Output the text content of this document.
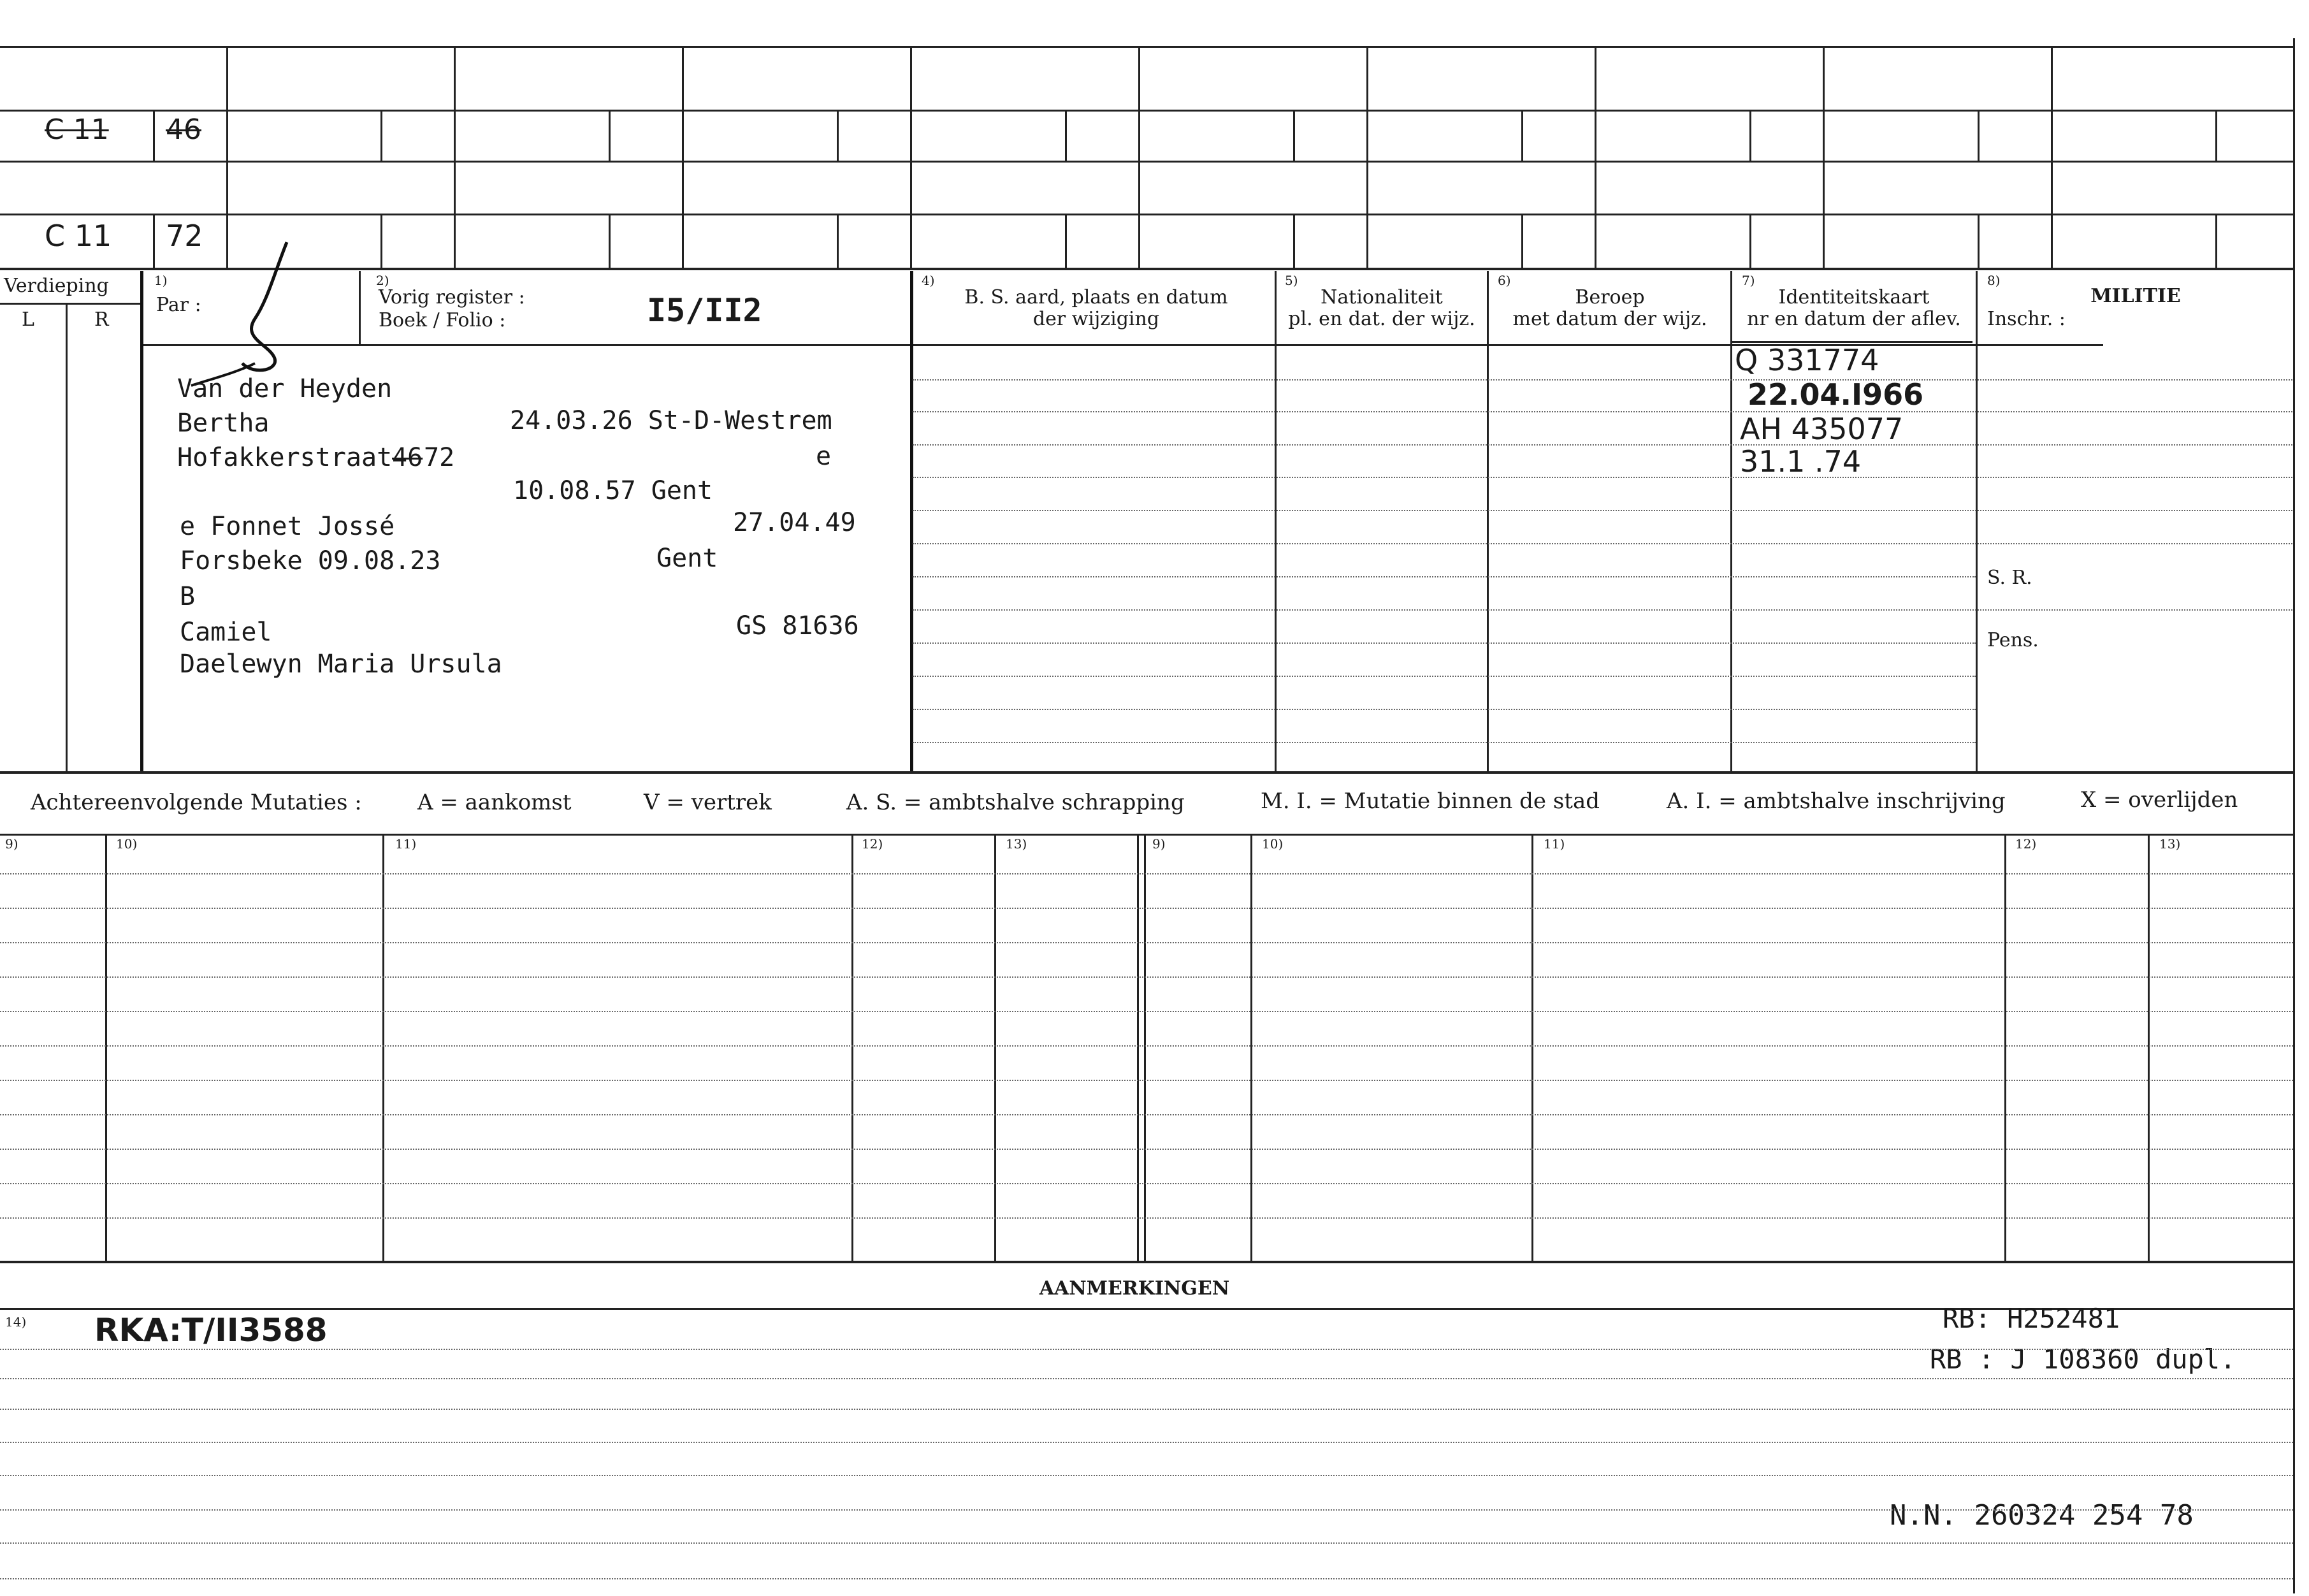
C 11 46
C 11 72
Verdieping
L	R
1)
Par :
2)
Vorig register :
Boek / Folio :	I5/II2
4)
B. S. aard, plaats en datum
der wijziging
5)
Nationaliteit
pl. en dat. der wijz.
6)
Beroep
met datum der wijz.
7)
Identiteitskaart
nr en datum der aflev.
8)
MILITIE
Inschr. :
Van der Heyden
Bertha	24.03.26 St-D-Westrem
Hofakkerstraat 46 72	e
10.08.57 Gent
e Fonnet Jossé	27.04.49
Forsbeke 09.08.23	Gent
B
Camiel	GS 81636
Daelewyn Maria Ursula
Q 331774
22.04.I966
AH 435077
31.1 .74
S. R.
Pens.
Achtereenvolgende Mutaties :	A = aankomst	V = vertrek	A. S. = ambtshalve schrapping	M. I. = Mutatie binnen de stad	A. I. = ambtshalve inschrijving	X = overlijden
9)	10)	11)	12)	13)	9)	10)	11)	12)	13)
AANMERKINGEN
14) RKA:T/II3588	RB: H252481
RB : J 108360 dupl.
N.N. 260324 254 78
